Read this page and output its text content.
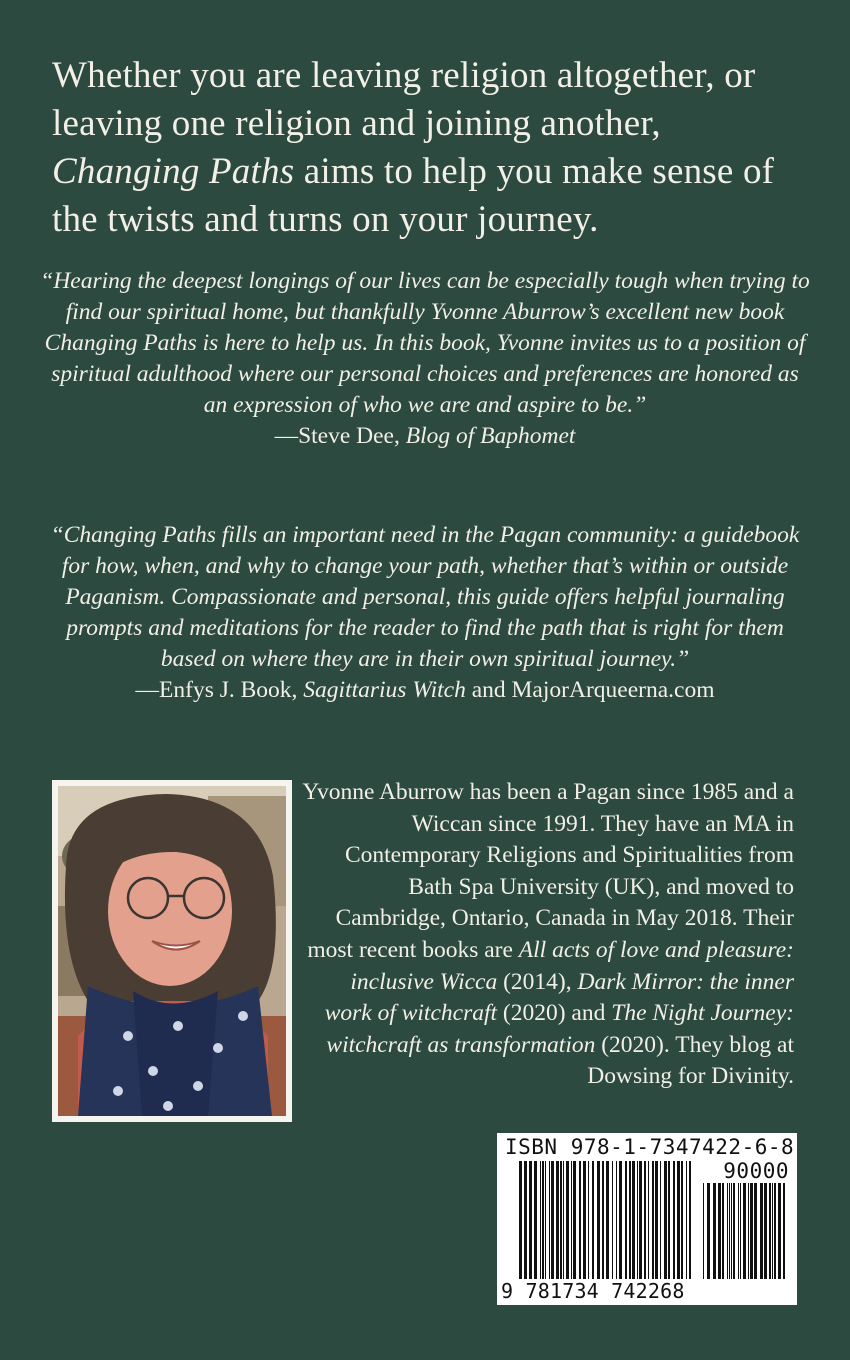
Whether you are leaving religion altogether, or leaving one religion and joining another, Changing Paths aims to help you make sense of the twists and turns on your journey.

“Hearing the deepest longings of our lives can be especially tough when trying to find our spiritual home, but thankfully Yvonne Aburrow’s excellent new book Changing Paths is here to help us. In this book, Yvonne invites us to a position of spiritual adulthood where our personal choices and preferences are honored as an expression of who we are and aspire to be.”

—Steve Dee, Blog of Baphomet

“Changing Paths fills an important need in the Pagan community: a guidebook for how, when, and why to change your path, whether that’s within or outside Paganism. Compassionate and personal, this guide offers helpful journaling prompts and meditations for the reader to find the path that is right for them based on where they are in their own spiritual journey.”

—Enfys J. Book, Sagittarius Witch and MajorArqueerna.com

Yvonne Aburrow has been a Pagan since 1985 and a Wiccan since 1991. They have an MA in Contemporary Religions and Spiritualities from Bath Spa University (UK), and moved to Cambridge, Ontario, Canada in May 2018. Their most recent books are All acts of love and pleasure: inclusive Wicca (2014), Dark Mirror: the inner work of witchcraft (2020) and The Night Journey: witchcraft as transformation (2020). They blog at Dowsing for Divinity.

ISBN 978-1-7347422-6-8
90000
9 781734 742268
